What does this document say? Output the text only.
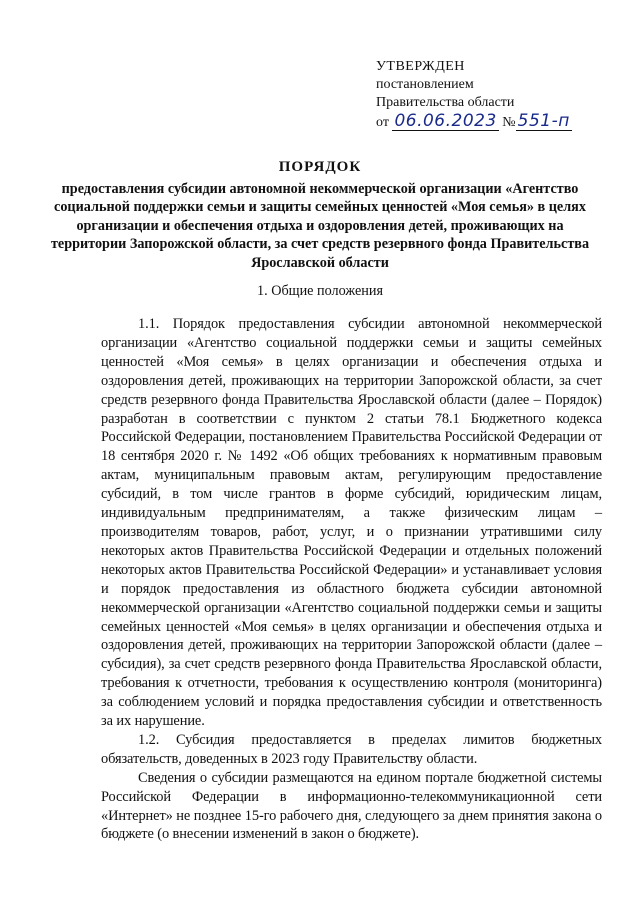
УТВЕРЖДЕН
постановлением
Правительства области
от 06.06.2023 № 551-п
ПОРЯДОК
предоставления субсидии автономной некоммерческой организации «Агентство социальной поддержки семьи и защиты семейных ценностей «Моя семья» в целях организации и обеспечения отдыха и оздоровления детей, проживающих на территории Запорожской области, за счет средств резервного фонда Правительства Ярославской области
1. Общие положения

1.1. Порядок предоставления субсидии автономной некоммерческой организации «Агентство социальной поддержки семьи и защиты семейных ценностей «Моя семья» в целях организации и обеспечения отдыха и оздоровления детей, проживающих на территории Запорожской области, за счет средств резервного фонда Правительства Ярославской области (далее – Порядок) разработан в соответствии с пунктом 2 статьи 78.1 Бюджетного кодекса Российской Федерации, постановлением Правительства Российской Федерации от 18 сентября 2020 г. № 1492 «Об общих требованиях к нормативным правовым актам, муниципальным правовым актам, регулирующим предоставление субсидий, в том числе грантов в форме субсидий, юридическим лицам, индивидуальным предпринимателям, а также физическим лицам – производителям товаров, работ, услуг, и о признании утратившими силу некоторых актов Правительства Российской Федерации и отдельных положений некоторых актов Правительства Российской Федерации» и устанавливает условия и порядок предоставления из областного бюджета субсидии автономной некоммерческой организации «Агентство социальной поддержки семьи и защиты семейных ценностей «Моя семья» в целях организации и обеспечения отдыха и оздоровления детей, проживающих на территории Запорожской области (далее – субсидия), за счет средств резервного фонда Правительства Ярославской области, требования к отчетности, требования к осуществлению контроля (мониторинга) за соблюдением условий и порядка предоставления субсидии и ответственность за их нарушение.

1.2. Субсидия предоставляется в пределах лимитов бюджетных обязательств, доведенных в 2023 году Правительству области.

Сведения о субсидии размещаются на едином портале бюджетной системы Российской Федерации в информационно-телекоммуникационной сети «Интернет» не позднее 15-го рабочего дня, следующего за днем принятия закона о бюджете (о внесении изменений в закон о бюджете).
